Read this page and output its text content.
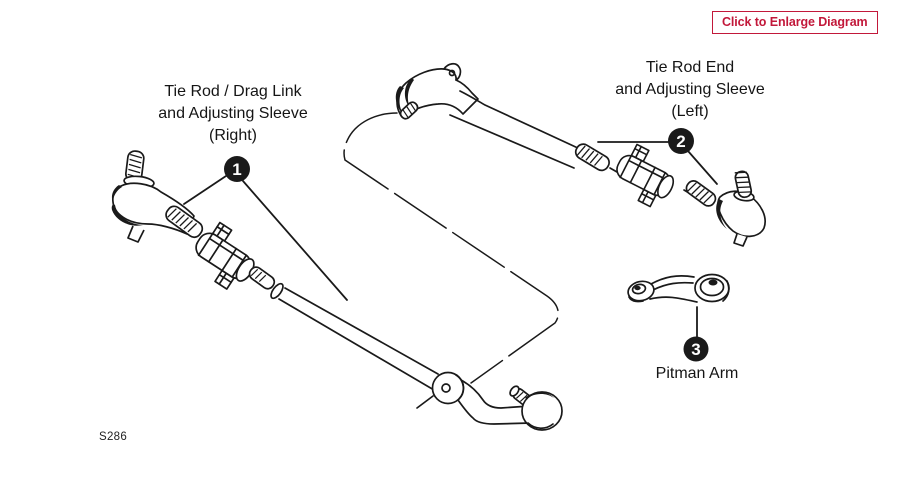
1
2
3
Tie Rod / Drag Link
and Adjusting Sleeve
(Right)
Tie Rod End
and Adjusting Sleeve
(Left)
Pitman Arm
S286
Click to Enlarge Diagram
